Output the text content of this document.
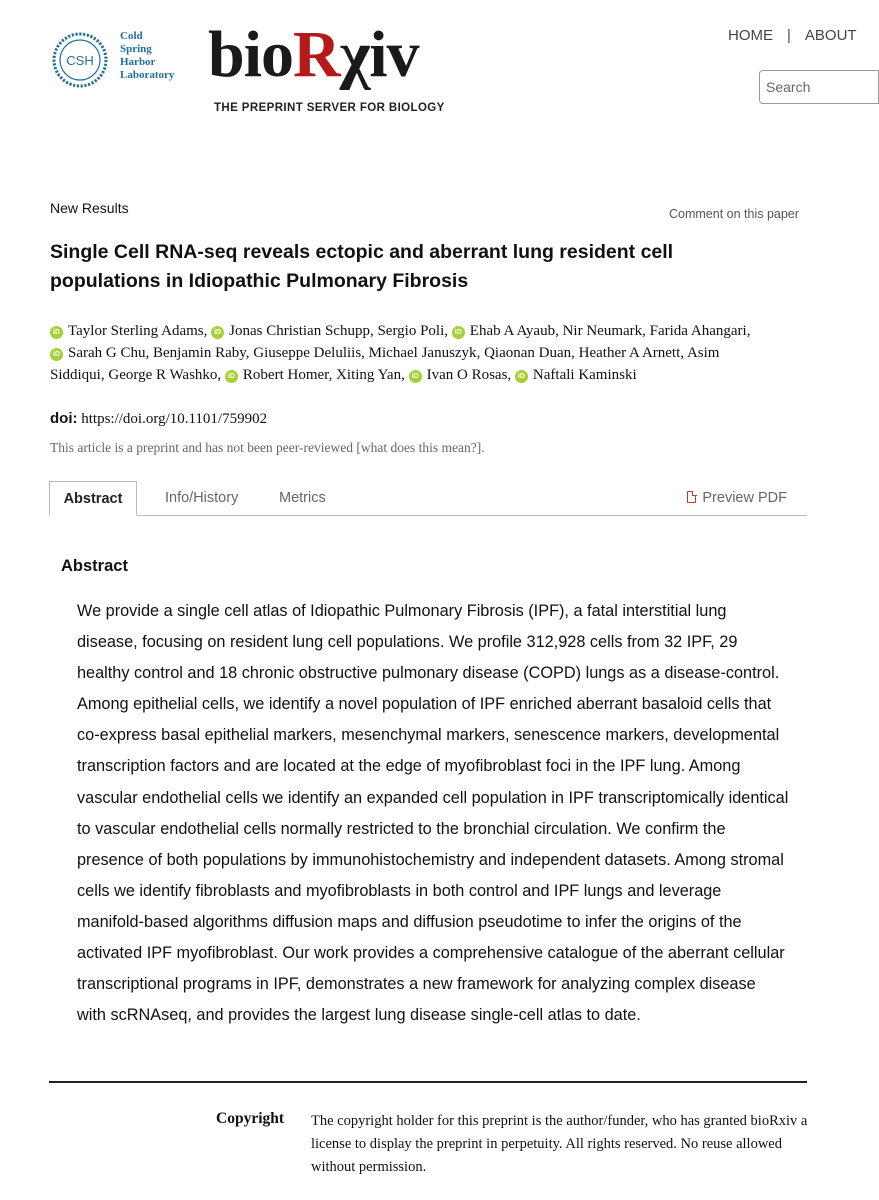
CSH
Cold
Spring
Harbor
Laboratory bioRχiv
THE PREPRINT SERVER FOR BIOLOGY
HOME | ABOUT
Search
New Results	Comment on this paper
Single Cell RNA-seq reveals ectopic and aberrant lung resident cell populations in Idiopathic Pulmonary Fibrosis
iD Taylor Sterling Adams, iD Jonas Christian Schupp, Sergio Poli, iD Ehab A Ayaub, Nir Neumark, Farida Ahangari, iD Sarah G Chu, Benjamin Raby, Giuseppe Deluliis, Michael Januszyk, Qiaonan Duan, Heather A Arnett, Asim Siddiqui, George R Washko, iD Robert Homer, Xiting Yan, iD Ivan O Rosas, iD Naftali Kaminski
doi: https://doi.org/10.1101/759902
This article is a preprint and has not been peer-reviewed [what does this mean?].
Abstract	Info/History	Metrics	Preview PDF
Abstract
We provide a single cell atlas of Idiopathic Pulmonary Fibrosis (IPF), a fatal interstitial lung disease, focusing on resident lung cell populations. We profile 312,928 cells from 32 IPF, 29 healthy control and 18 chronic obstructive pulmonary disease (COPD) lungs as a disease-control. Among epithelial cells, we identify a novel population of IPF enriched aberrant basaloid cells that co-express basal epithelial markers, mesenchymal markers, senescence markers, developmental transcription factors and are located at the edge of myofibroblast foci in the IPF lung. Among vascular endothelial cells we identify an expanded cell population in IPF transcriptomically identical to vascular endothelial cells normally restricted to the bronchial circulation. We confirm the presence of both populations by immunohistochemistry and independent datasets. Among stromal cells we identify fibroblasts and myofibroblasts in both control and IPF lungs and leverage manifold-based algorithms diffusion maps and diffusion pseudotime to infer the origins of the activated IPF myofibroblast. Our work provides a comprehensive catalogue of the aberrant cellular transcriptional programs in IPF, demonstrates a new framework for analyzing complex disease with scRNAseq, and provides the largest lung disease single-cell atlas to date.
Copyright The copyright holder for this preprint is the author/funder, who has granted bioRxiv a license to display the preprint in perpetuity. All rights reserved. No reuse allowed without permission.
